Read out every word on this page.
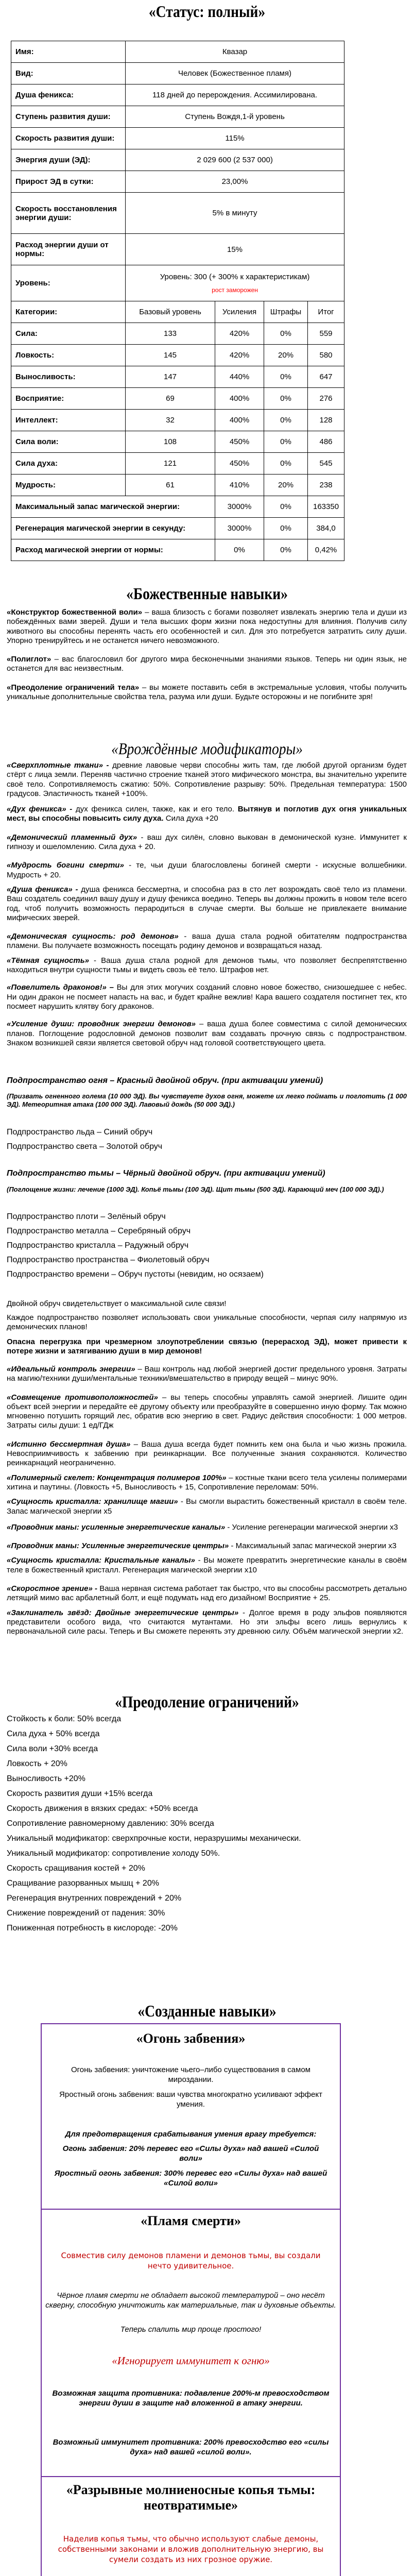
«Статус: полный»
Имя:	Квазар			
Вид:	Человек (Божественное пламя)			
Душа феникса:	118 дней до перерождения. Ассимилирована.			
Ступень развития души:	Ступень Вождя,1-й уровень			
Скорость развития души:	115%			
Энергия души (ЭД):	2 029 600 (2 537 000)			
Прирост ЭД в сутки:	23,00%			
Скорость восстановления энергии души:	5% в минуту			
Расход энергии души от нормы:	15%			
Уровень:	Уровень: 300 (+ 300% к характеристикам)
рост заморожен			

Категории:	Базовый уровень	Усиления	Штрафы	Итог
Сила:	133	420%	0%	559
Ловкость:	145	420%	20%	580
Выносливость:	147	440%	0%	647
Восприятие:	69	400%	0%	276
Интеллект:	32	400%	0%	128
Сила воли:	108	450%	0%	486
Сила духа:	121	450%	0%	545
Мудрость:	61	410%	20%	238
Максимальный запас магической энергии:		3000%	0%	163350
Регенерация магической энергии в секунду:		3000%	0%	384,0
Расход магической энергии от нормы:		0%	0%	0,42%
«Божественные навыки»
«Конструктор божественной воли» – ваша близость с богами позволяет извлекать энергию тела и души из побеждённых вами зверей. Души и тела высших форм жизни пока недоступны для влияния. Получив силу животного вы способны перенять часть его особенностей и сил. Для это потребуется затратить силу души. Упорно тренируйтесь и не останется ничего невозможного.
«Полиглот» – вас благословил бог другого мира бесконечными знаниями языков. Теперь ни один язык, не останется для вас неизвестным.
«Преодоление ограничений тела» – вы можете поставить себя в экстремальные условия, чтобы получить уникальные дополнительные свойства тела, разума или души. Будьте осторожны и не погибните зря!
«Врождённые модификаторы»
«Сверхплотные ткани» - древние лавовые черви способны жить там, где любой другой организм будет стёрт с лица земли. Переняв частично строение тканей этого мифического монстра, вы значительно укрепите своё тело. Сопротивляемость сжатию: 50%. Сопротивление разрыву: 50%. Предельная температура: 1500 градусов. Эластичность тканей +100%.
«Дух феникса» - дух феникса силен, также, как и его тело. Вытянув и поглотив дух огня уникальных мест, вы способны повысить силу духа. Сила духа +20
«Демонический пламенный дух» - ваш дух силён, словно выкован в демонической кузне. Иммунитет к гипнозу и ошеломлению. Сила духа + 20.
«Мудрость богини смерти» - те, чьи души благословлены богиней смерти - искусные волшебники. Мудрость + 20.
«Душа феникса» - душа феникса бессмертна, и способна раз в сто лет возрождать своё тело из пламени. Ваш создатель соединил вашу душу и душу феникса воедино. Теперь вы должны прожить в новом теле всего год, чтоб получить возможность перародиться в случае смерти. Вы больше не привлекаете внимание мифических зверей.
«Демоническая сущность: род демонов» - ваша душа стала родной обитателям подпространства пламени. Вы получаете возможность посещать родину демонов и возвращаться назад.
«Тёмная сущность» - Ваша душа стала родной для демонов тьмы, что позволяет беспрепятственно находиться внутри сущности тьмы и видеть свозь её тело. Штрафов нет.
«Повелитель драконов!» – Вы для этих могучих созданий словно новое божество, снизошедшее с небес. Ни один дракон не посмеет напасть на вас, и будет крайне вежлив! Кара вашего создателя постигнет тех, кто посмеет нарушить клятву богу драконов.
«Усиление души: проводник энергии демонов» – ваша душа более совместима с силой демонических планов. Поглощение родословной демонов позволит вам создавать прочную связь с подпространством. Знаком возникшей связи является световой обруч над головой соответствующего цвета.
Подпространство огня – Красный двойной обруч. (при активации умений)
(Призвать огненного голема (10 000 ЭД). Вы чувствуете духов огня, можете их легко поймать и поглотить (1 000 ЭД). Метеоритная атака (100 000 ЭД). Лавовый дождь (50 000 ЭД).)
Подпространство льда – Синий обруч
Подпространство света – Золотой обруч
Подпространство тьмы – Чёрный двойной обруч. (при активации умений)
(Поглощение жизни: лечение (1000 ЭД). Копьё тьмы (100 ЭД). Щит тьмы (500 ЭД). Карающий меч (100 000 ЭД).)
Подпространство плоти – Зелёный обруч
Подпространство металла – Серебряный обруч
Подпространство кристалла – Радужный обруч
Подпространство пространства – Фиолетовый обруч
Подпространство времени – Обруч пустоты (невидим, но осязаем)
Двойной обруч свидетельствует о максимальной силе связи!
Каждое подпространство позволяет использовать свои уникальные способности, черпая силу напрямую из демонических планов!
Опасна перегрузка при чрезмерном злоупотреблении связью (перерасход ЭД), может привести к потере жизни и затягиванию души в мир демонов!
«Идеальный контроль энергии» – Ваш контроль над любой энергией достиг предельного уровня. Затраты на магию/техники души/ментальные техники/вмешательство в природу вещей – минус 90%.
«Совмещение противоположностей» – вы теперь способны управлять самой энергией. Лишите один объект всей энергии и передайте её другому объекту или преобразуйте в совершенно иную форму. Так можно мгновенно потушить горящий лес, обратив всю энергию в свет. Радиус действия способности: 1 000 метров. Затраты силы души: 1 ед/ГДж
«Истинно бессмертная душа» – Ваша душа всегда будет помнить кем она была и чью жизнь прожила. Невосприимчивость к забвению при реинкарнации. Все полученные знания сохраняются. Количество реинкарнаций неограниченно.
«Полимерный скелет: Концентрация полимеров 100%» – костные ткани всего тела усилены полимерами хитина и паутины. (Ловкость +5, Выносливость + 15, Сопротивление переломам: 50%.
«Сущность кристалла: хранилище магии» - Вы смогли вырастить божественный кристалл в своём теле. Запас магической энергии х5
«Проводник маны: усиленные энергетические каналы» - Усиление регенерации магической энергии х3
«Проводник маны: Усиленные энергетические центры» - Максимальный запас магической энергии х3
«Сущность кристалла: Кристальные каналы» - Вы можете превратить энергетические каналы в своём теле в божественный кристалл. Регенерация магической энергии х10
«Скоростное зрение» - Ваша нервная система работает так быстро, что вы способны рассмотреть детально летящий мимо вас арбалетный болт, и ещё подумать над его дизайном! Восприятие + 25.
«Заклинатель звёзд: Двойные энергетические центры» - Долгое время в роду эльфов появляются представители особого вида, что считаются мутантами. Но эти эльфы всего лишь вернулись к первоначальной силе расы. Теперь и Вы сможете перенять эту древнюю силу. Объём магической энергии х2.
«Преодоление ограничений»
Стойкость к боли: 50% всегда
Сила духа + 50% всегда
Сила воли +30% всегда
Ловкость + 20%
Выносливость +20%
Скорость развития души +15% всегда
Скорость движения в вязких средах: +50% всегда
Сопротивление равномерному давлению: 30% всегда
Уникальный модификатор: сверхпрочные кости, неразрушимы механически.
Уникальный модификатор: сопротивление холоду 50%.
Скорость сращивания костей + 20%
Сращивание разорванных мышц + 20%
Регенерация внутренних повреждений + 20%
Снижение повреждений от падения: 30%
Пониженная потребность в кислороде: -20%
«Созданные навыки»
«Огонь забвения»
Огонь забвения: уничтожение чьего–либо существования в самом мироздании.
Яростный огонь забвения: ваши чувства многократно усиливают эффект умения.
Для предотвращения срабатывания умения врагу требуется:
Огонь забвения: 20% перевес его «Силы духа» над вашей «Силой воли»
Яростный огонь забвения: 300% перевес его «Силы духа» над вашей «Силой воли»
«Пламя смерти»
Совместив силу демонов пламени и демонов тьмы, вы создали нечто удивительное.
Чёрное пламя смерти не обладает высокой температурой – оно несёт скверну, способную уничтожить как материальные, так и духовные объекты.
Теперь спалить мир проще простого!
«Игнорирует иммунитет к огню»
Возможная защита противника: подавление 200%-м превосходством энергии души в защите над вложенной в атаку энергии.
Возможный иммунитет противника: 200% превосходство его «силы духа» над вашей «силой воли».
«Разрывные молниеносные копья тьмы: неотвратимые»
Наделив копья тьмы, что обычно используют слабые демоны, собственными законами и вложив дополнительную энергию, вы сумели создать из них грозное оружие.
